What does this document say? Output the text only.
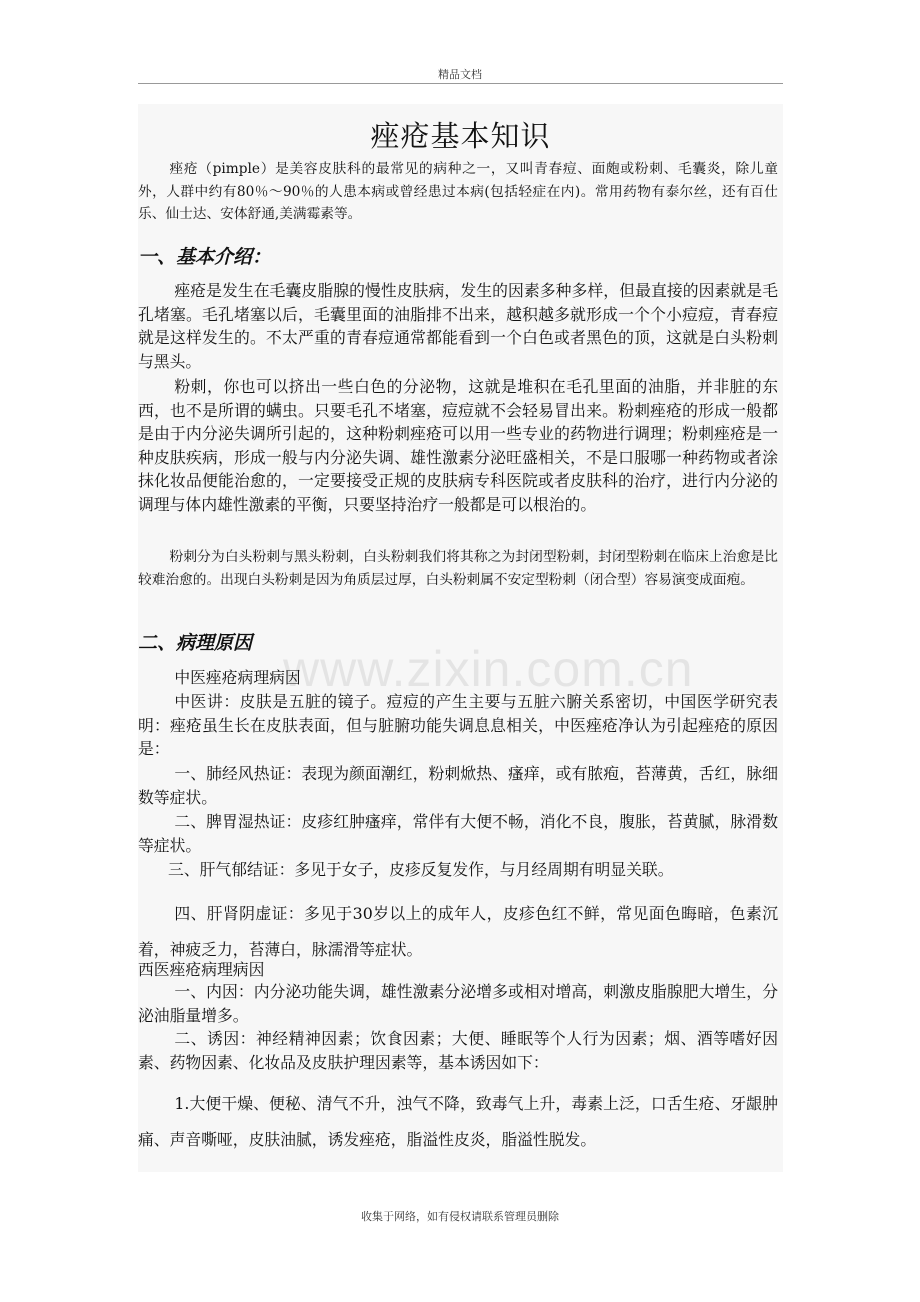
精品文档
www.zixin.com.cn
痤疮基本知识

痤疮（pimple）是美容皮肤科的最常见的病种之一，又叫青春痘、面皰或粉刺、毛囊炎，除儿童外，人群中约有80％～90％的人患本病或曾经患过本病(包括轻症在内)。常用药物有泰尔丝，还有百仕乐、仙士达、安体舒通,美满霉素等。

一、基本介绍：

痤疮是发生在毛囊皮脂腺的慢性皮肤病，发生的因素多种多样，但最直接的因素就是毛孔堵塞。毛孔堵塞以后，毛囊里面的油脂排不出来，越积越多就形成一个个小痘痘，青春痘就是这样发生的。不太严重的青春痘通常都能看到一个白色或者黑色的顶，这就是白头粉刺与黑头。

粉刺，你也可以挤出一些白色的分泌物，这就是堆积在毛孔里面的油脂，并非脏的东西，也不是所谓的螨虫。只要毛孔不堵塞，痘痘就不会轻易冒出来。粉刺痤疮的形成一般都是由于内分泌失调所引起的，这种粉刺痤疮可以用一些专业的药物进行调理；粉刺痤疮是一种皮肤疾病，形成一般与内分泌失调、雄性激素分泌旺盛相关，不是口服哪一种药物或者涂抹化妆品便能治愈的，一定要接受正规的皮肤病专科医院或者皮肤科的治疗，进行内分泌的调理与体内雄性激素的平衡，只要坚持治疗一般都是可以根治的。

粉刺分为白头粉刺与黑头粉刺，白头粉刺我们将其称之为封闭型粉刺，封闭型粉刺在临床上治愈是比较难治愈的。出现白头粉刺是因为角质层过厚，白头粉刺属不安定型粉刺（闭合型）容易演变成面疱。

二、病理原因

中医痤疮病理病因

中医讲：皮肤是五脏的镜子。痘痘的产生主要与五脏六腑关系密切，中国医学研究表明：痤疮虽生长在皮肤表面，但与脏腑功能失调息息相关，中医痤疮净认为引起痤疮的原因是：

一、肺经风热证：表现为颜面潮红，粉刺焮热、瘙痒，或有脓疱，苔薄黄，舌红，脉细数等症状。

二、脾胃湿热证：皮疹红肿瘙痒，常伴有大便不畅，消化不良，腹胀，苔黄腻，脉滑数等症状。

三、肝气郁结证：多见于女子，皮疹反复发作，与月经周期有明显关联。

四、肝肾阴虚证：多见于30岁以上的成年人，皮疹色红不鲜，常见面色晦暗，色素沉着，神疲乏力，苔薄白，脉濡滑等症状。

西医痤疮病理病因

一、内因：内分泌功能失调，雄性激素分泌增多或相对增高，刺激皮脂腺肥大增生，分泌油脂量增多。

二、诱因：神经精神因素；饮食因素；大便、睡眠等个人行为因素；烟、酒等嗜好因素、药物因素、化妆品及皮肤护理因素等，基本诱因如下：

1.大便干燥、便秘、清气不升，浊气不降，致毒气上升，毒素上泛，口舌生疮、牙龈肿痛、声音嘶哑，皮肤油腻，诱发痤疮，脂溢性皮炎，脂溢性脱发。

收集于网络，如有侵权请联系管理员删除
